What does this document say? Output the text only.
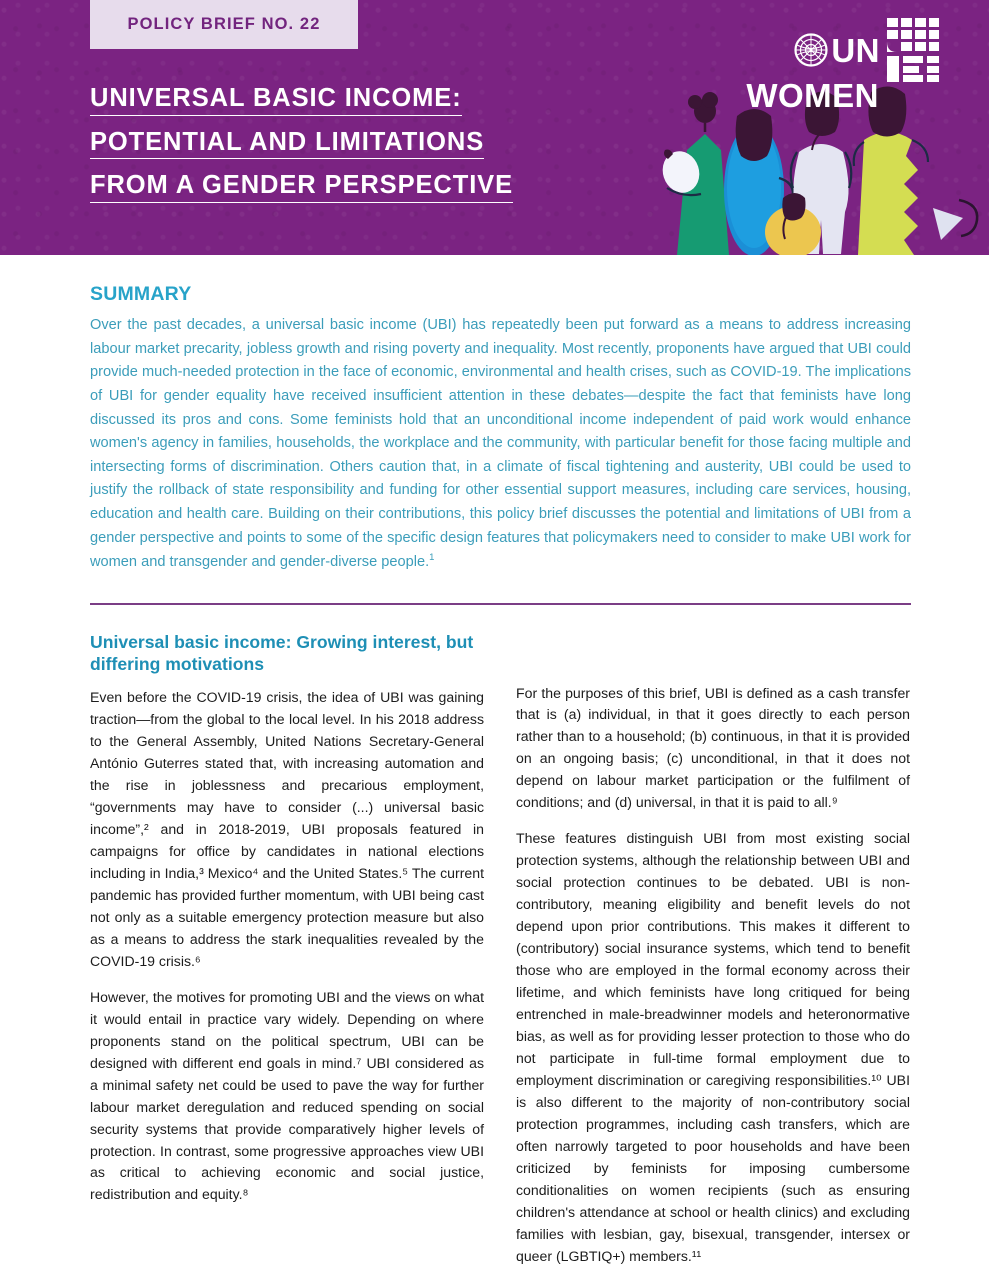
POLICY BRIEF NO. 22
UN
WOMEN
UNIVERSAL BASIC INCOME:
POTENTIAL AND LIMITATIONS
FROM A GENDER PERSPECTIVE
SUMMARY
Over the past decades, a universal basic income (UBI) has repeatedly been put forward as a means to address increasing labour market precarity, jobless growth and rising poverty and inequality. Most recently, proponents have argued that UBI could provide much-needed protection in the face of economic, environmental and health crises, such as COVID-19. The implications of UBI for gender equality have received insufficient attention in these debates—despite the fact that feminists have long discussed its pros and cons. Some feminists hold that an unconditional income independent of paid work would enhance women's agency in families, households, the workplace and the community, with particular benefit for those facing multiple and intersecting forms of discrimination. Others caution that, in a climate of fiscal tightening and austerity, UBI could be used to justify the rollback of state responsibility and funding for other essential support measures, including care services, housing, education and health care. Building on their contributions, this policy brief discusses the potential and limitations of UBI from a gender perspective and points to some of the specific design features that policymakers need to consider to make UBI work for women and transgender and gender-diverse people.$^1$
Universal basic income: Growing interest, but differing motivations

Even before the COVID-19 crisis, the idea of UBI was gaining traction—from the global to the local level. In his 2018 address to the General Assembly, United Nations Secretary-General António Guterres stated that, with increasing automation and the rise in joblessness and precarious employment, “governments may have to consider (...) universal basic income”,² and in 2018-2019, UBI proposals featured in campaigns for office by candidates in national elections including in India,³ Mexico⁴ and the United States.⁵ The current pandemic has provided further momentum, with UBI being cast not only as a suitable emergency protection measure but also as a means to address the stark inequalities revealed by the COVID-19 crisis.⁶

However, the motives for promoting UBI and the views on what it would entail in practice vary widely. Depending on where proponents stand on the political spectrum, UBI can be designed with different end goals in mind.⁷ UBI considered as a minimal safety net could be used to pave the way for further labour market deregulation and reduced spending on social security systems that provide comparatively higher levels of protection. In contrast, some progressive approaches view UBI as critical to achieving economic and social justice, redistribution and equity.⁸

For the purposes of this brief, UBI is defined as a cash transfer that is (a) individual, in that it goes directly to each person rather than to a household; (b) continuous, in that it is provided on an ongoing basis; (c) unconditional, in that it does not depend on labour market participation or the fulfilment of conditions; and (d) universal, in that it is paid to all.⁹

These features distinguish UBI from most existing social protection systems, although the relationship between UBI and social protection continues to be debated. UBI is non-contributory, meaning eligibility and benefit levels do not depend upon prior contributions. This makes it different to (contributory) social insurance systems, which tend to benefit those who are employed in the formal economy across their lifetime, and which feminists have long critiqued for being entrenched in male-breadwinner models and heteronormative bias, as well as for providing lesser protection to those who do not participate in full-time formal employment due to employment discrimination or caregiving responsibilities.¹⁰ UBI is also different to the majority of non-contributory social protection programmes, including cash transfers, which are often narrowly targeted to poor households and have been criticized by feminists for imposing cumbersome conditionalities on women recipients (such as ensuring children's attendance at school or health clinics) and excluding families with lesbian, gay, bisexual, transgender, intersex or queer (LGBTIQ+) members.¹¹
